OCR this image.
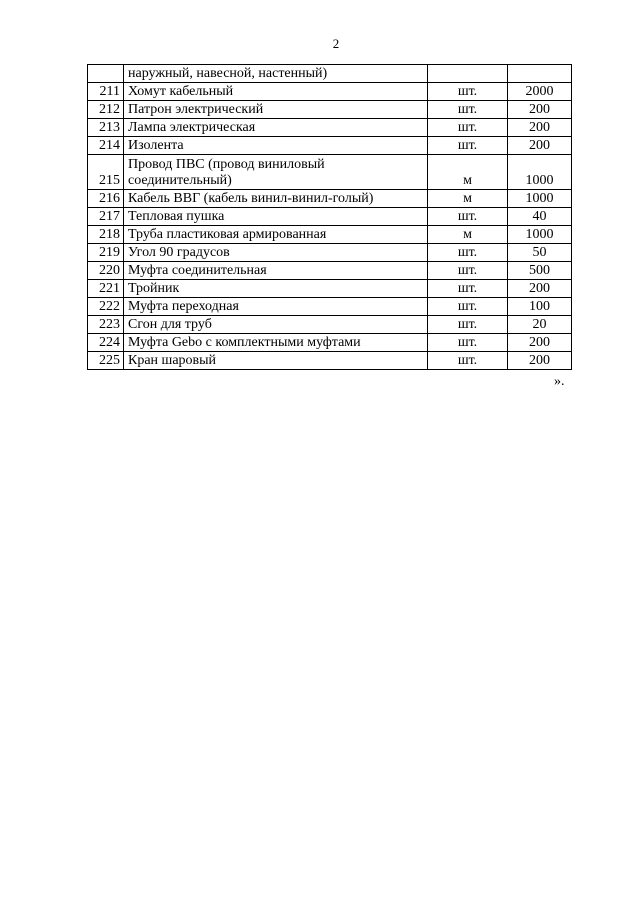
2
	наружный, навесной, настенный)		
211	Хомут кабельный	шт.	2000
212	Патрон электрический	шт.	200
213	Лампа электрическая	шт.	200
214	Изолента	шт.	200
215	Провод ПВС (провод виниловый соединительный)	м	1000
216	Кабель ВВГ (кабель винил-винил-голый)	м	1000
217	Тепловая пушка	шт.	40
218	Труба пластиковая армированная	м	1000
219	Угол 90 градусов	шт.	50
220	Муфта соединительная	шт.	500
221	Тройник	шт.	200
222	Муфта переходная	шт.	100
223	Сгон для труб	шт.	20
224	Муфта Gebo с комплектными муфтами	шт.	200
225	Кран шаровый	шт.	200
».
